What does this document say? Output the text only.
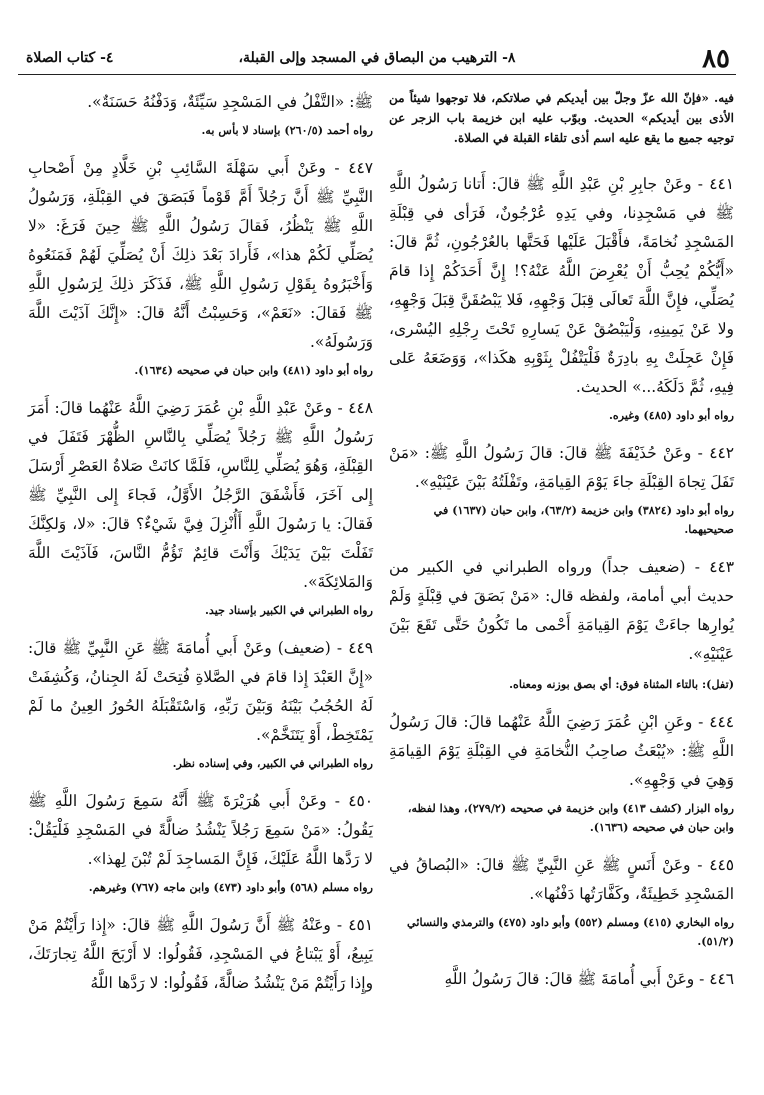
٨٥
٨- الترهيب من البصاق في المسجد وإلى القبلة،
٤- كتاب الصلاة

فيه. «فإنّ الله عزّ وجلّ بين أيديكم في صلاتكم، فلا توجهوا شيئاً من الأذى بين أيديكم» الحديث. وبوّب عليه ابن خزيمة باب الزجر عن توجيه جميع ما يقع عليه اسم أذى تلقاء القبلة في الصلاة.

٤٤١ - وعَنْ جابِرِ بْنِ عَبْدِ اللَّهِ ﷺ قالَ: أَتانا رَسُولُ اللَّهِ ﷺ في مَسْجِدِنا، وفي يَدِهِ عُرْجُونٌ، فَرَأى في قِبْلَةِ المَسْجِدِ نُخامَةً، فأَقْبَلَ عَلَيْها فَحَتَّها بالعُرْجُونِ، ثُمَّ قالَ: «أَيُّكُمْ يُحِبُّ أَنْ يُعْرِضَ اللَّهُ عَنْهُ؟! إِنَّ أَحَدَكُمْ إِذا قامَ يُصَلِّي، فإِنَّ اللَّهَ تَعالَى قِبَلَ وَجْهِهِ، فَلا يَبْصُقَنَّ قِبَلَ وَجْهِهِ، ولا عَنْ يَمِينِهِ، وَلْيَبْصُقْ عَنْ يَسارِهِ تَحْتَ رِجْلِهِ اليُسْرى، فَإِنْ عَجِلَتْ بِهِ بادِرَةٌ فَلْيَتْفُلْ بِثَوْبِهِ هكَذا»، وَوَضَعَهُ عَلى فِيهِ، ثُمَّ دَلَكَهُ...» الحديث.

رواه أبو داود (٤٨٥) وغيره.

٤٤٢ - وعَنْ حُذَيْفَةَ ﷺ قالَ: قالَ رَسُولُ اللَّهِ ﷺ: «مَنْ تَفَلَ تِجاهَ القِبْلَةِ جاءَ يَوْمَ القِيامَةِ، وتَفْلَتُهُ بَيْنَ عَيْنَيْهِ».

رواه أبو داود (٣٨٢٤) وابن خزيمة (٦٣/٢)، وابن حبان (١٦٣٧) في صحيحيهما.

٤٤٣ - (ضعيف جداً) ورواه الطبراني في الكبير من حديث أبي أمامة، ولفظه قال: «مَنْ بَصَقَ في قِبْلَةٍ وَلَمْ يُوارِها جاءَتْ يَوْمَ القِيامَةِ أَحْمى ما تَكُونُ حَتَّى تَقَعَ بَيْنَ عَيْنَيْهِ».

(تفل): بالتاء المثناة فوق: أي بصق بوزنه ومعناه.

٤٤٤ - وعَنِ ابْنِ عُمَرَ رَضِيَ اللَّهُ عَنْهُما قالَ: قالَ رَسُولُ اللَّهِ ﷺ: «يُبْعَثُ صاحِبُ النُّخامَةِ في القِبْلَةِ يَوْمَ القِيامَةِ وَهِيَ في وَجْهِهِ».

رواه البزار (كشف ٤١٣) وابن خزيمة في صحيحه (٢٧٩/٢)، وهذا لفظه، وابن حبان في صحيحه (١٦٣٦).

٤٤٥ - وعَنْ أَنَسٍ ﷺ عَنِ النَّبِيِّ ﷺ قالَ: «البُصاقُ في المَسْجِدِ خَطِيئَةٌ، وكَفَّارَتُها دَفْنُها».

رواه البخاري (٤١٥) ومسلم (٥٥٢) وأبو داود (٤٧٥) والترمذي والنسائي (٥١/٢).

٤٤٦ - وعَنْ أَبي أُمامَةَ ﷺ قالَ: قالَ رَسُولُ اللَّهِ

ﷺ: «التَّفْلُ في المَسْجِدِ سَيِّئَةٌ، وَدَفْنُهُ حَسَنَةٌ».

رواه أحمد (٢٦٠/٥) بإسناد لا بأس به.

٤٤٧ - وعَنْ أَبي سَهْلَةَ السَّائِبِ بْنِ خَلَّادٍ مِنْ أَصْحابِ النَّبِيِّ ﷺ أَنَّ رَجُلاً أَمَّ قَوْماً فَبَصَقَ في القِبْلَةِ، وَرَسُولُ اللَّهِ ﷺ يَنْظُرُ، فَقالَ رَسُولُ اللَّهِ ﷺ حِينَ فَرَغَ: «لا يُصَلِّي لَكُمْ هذا»، فَأَرادَ بَعْدَ ذلِكَ أَنْ يُصَلِّيَ لَهُمْ فَمَنَعُوهُ وَأَخْبَرُوهُ بِقَوْلِ رَسُولِ اللَّهِ ﷺ، فَذَكَرَ ذلِكَ لِرَسُولِ اللَّهِ ﷺ فَقالَ: «نَعَمْ»، وَحَسِبْتُ أَنَّهُ قالَ: «إِنَّكَ آذَيْتَ اللَّهَ وَرَسُولَهُ».

رواه أبو داود (٤٨١) وابن حبان في صحيحه (١٦٣٤).

٤٤٨ - وعَنْ عَبْدِ اللَّهِ بْنِ عُمَرَ رَضِيَ اللَّهُ عَنْهُما قالَ: أَمَرَ رَسُولُ اللَّهِ ﷺ رَجُلاً يُصَلِّي بِالنَّاسِ الظُّهْرَ فَتَفَلَ في القِبْلَةِ، وَهُوَ يُصَلِّي لِلنَّاسِ، فَلَمَّا كانَتْ صَلاةُ العَصْرِ أَرْسَلَ إِلى آخَرَ، فَأَشْفَقَ الرَّجُلُ الأَوَّلُ، فَجاءَ إِلى النَّبِيِّ ﷺ فَقالَ: يا رَسُولَ اللَّهِ أَأُنْزِلَ فِيَّ شَيْءٌ؟ قالَ: «لا، وَلكِنَّكَ تَفَلْتَ بَيْنَ يَدَيْكَ وَأَنْتَ قائِمٌ تَؤُمُّ النَّاسَ، فَآذَيْتَ اللَّهَ وَالمَلائِكَةَ».

رواه الطبراني في الكبير بإسناد جيد.

٤٤٩ - (ضعيف) وعَنْ أَبي أُمامَةَ ﷺ عَنِ النَّبِيِّ ﷺ قالَ: «إِنَّ العَبْدَ إِذا قامَ في الصَّلاةِ فُتِحَتْ لَهُ الجِنانُ، وَكُشِفَتْ لَهُ الحُجُبُ بَيْنَهُ وَبَيْنَ رَبِّهِ، وَاسْتَقْبَلَهُ الحُورُ العِينُ ما لَمْ يَمْتَخِطْ، أَوْ يَتَنَخَّمْ».

رواه الطبراني في الكبير، وفي إسناده نظر.

٤٥٠ - وعَنْ أَبي هُرَيْرَةَ ﷺ أَنَّهُ سَمِعَ رَسُولَ اللَّهِ ﷺ يَقُولُ: «مَنْ سَمِعَ رَجُلاً يَنْشُدُ ضالَّةً في المَسْجِدِ فَلْيَقُلْ: لا رَدَّها اللَّهُ عَلَيْكَ، فَإِنَّ المَساجِدَ لَمْ تُبْنَ لِهذا».

رواه مسلم (٥٦٨) وأبو داود (٤٧٣) وابن ماجه (٧٦٧) وغيرهم.

٤٥١ - وعَنْهُ ﷺ أَنَّ رَسُولَ اللَّهِ ﷺ قالَ: «إِذا رَأَيْتُمْ مَنْ يَبِيعُ، أَوْ يَبْتاعُ في المَسْجِدِ، فَقُولُوا: لا أَرْبَحَ اللَّهُ تِجارَتَكَ، وإِذا رَأَيْتُمْ مَنْ يَنْشُدُ ضالَّةً، فَقُولُوا: لا رَدَّها اللَّهُ
